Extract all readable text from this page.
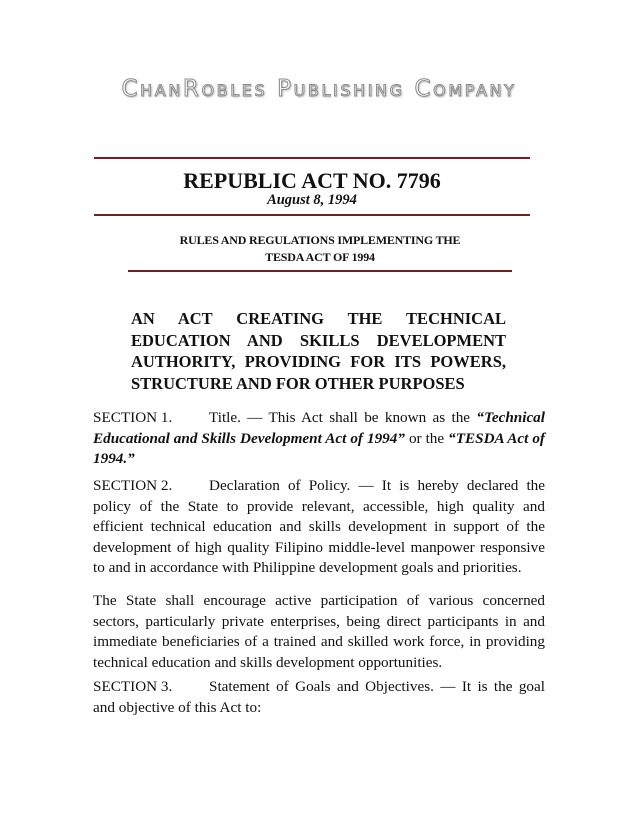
ChanRobles Publishing Company
REPUBLIC ACT NO. 7796
August 8, 1994
RULES AND REGULATIONS IMPLEMENTING THE
TESDA ACT OF 1994
AN ACT CREATING THE TECHNICAL EDUCATION AND SKILLS DEVELOPMENT AUTHORITY, PROVIDING FOR ITS POWERS, STRUCTURE AND FOR OTHER PURPOSES

SECTION 1. Title. — This Act shall be known as the “Technical Educational and Skills Development Act of 1994” or the “TESDA Act of 1994.”

SECTION 2. Declaration of Policy. — It is hereby declared the policy of the State to provide relevant, accessible, high quality and efficient technical education and skills development in support of the development of high quality Filipino middle-level manpower responsive to and in accordance with Philippine development goals and priorities.

The State shall encourage active participation of various concerned sectors, particularly private enterprises, being direct participants in and immediate beneficiaries of a trained and skilled work force, in providing technical education and skills development opportunities.

SECTION 3. Statement of Goals and Objectives. — It is the goal and objective of this Act to:
